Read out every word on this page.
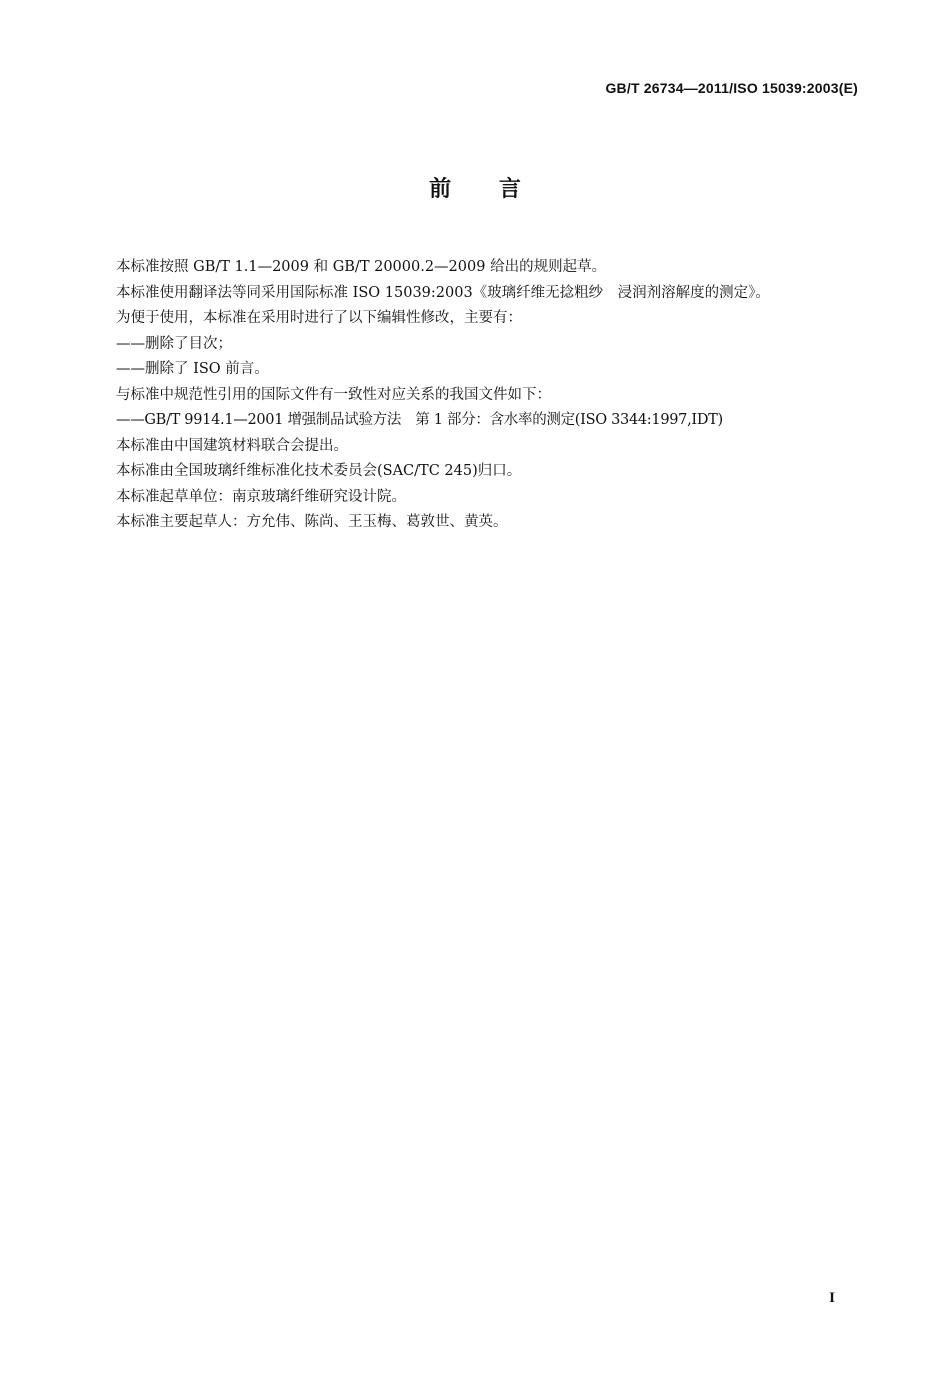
GB/T 26734—2011/ISO 15039:2003(E)
前 言

本标准按照 GB/T 1.1—2009 和 GB/T 20000.2—2009 给出的规则起草。

本标准使用翻译法等同采用国际标准 ISO 15039:2003《玻璃纤维无捻粗纱　浸润剂溶解度的测定》。

为便于使用，本标准在采用时进行了以下编辑性修改，主要有：

——删除了目次；

——删除了 ISO 前言。

与标准中规范性引用的国际文件有一致性对应关系的我国文件如下：

——GB/T 9914.1—2001 增强制品试验方法　第 1 部分：含水率的测定(ISO 3344:1997,IDT)

本标准由中国建筑材料联合会提出。

本标准由全国玻璃纤维标准化技术委员会(SAC/TC 245)归口。

本标准起草单位：南京玻璃纤维研究设计院。

本标准主要起草人：方允伟、陈尚、王玉梅、葛敦世、黄英。

I
